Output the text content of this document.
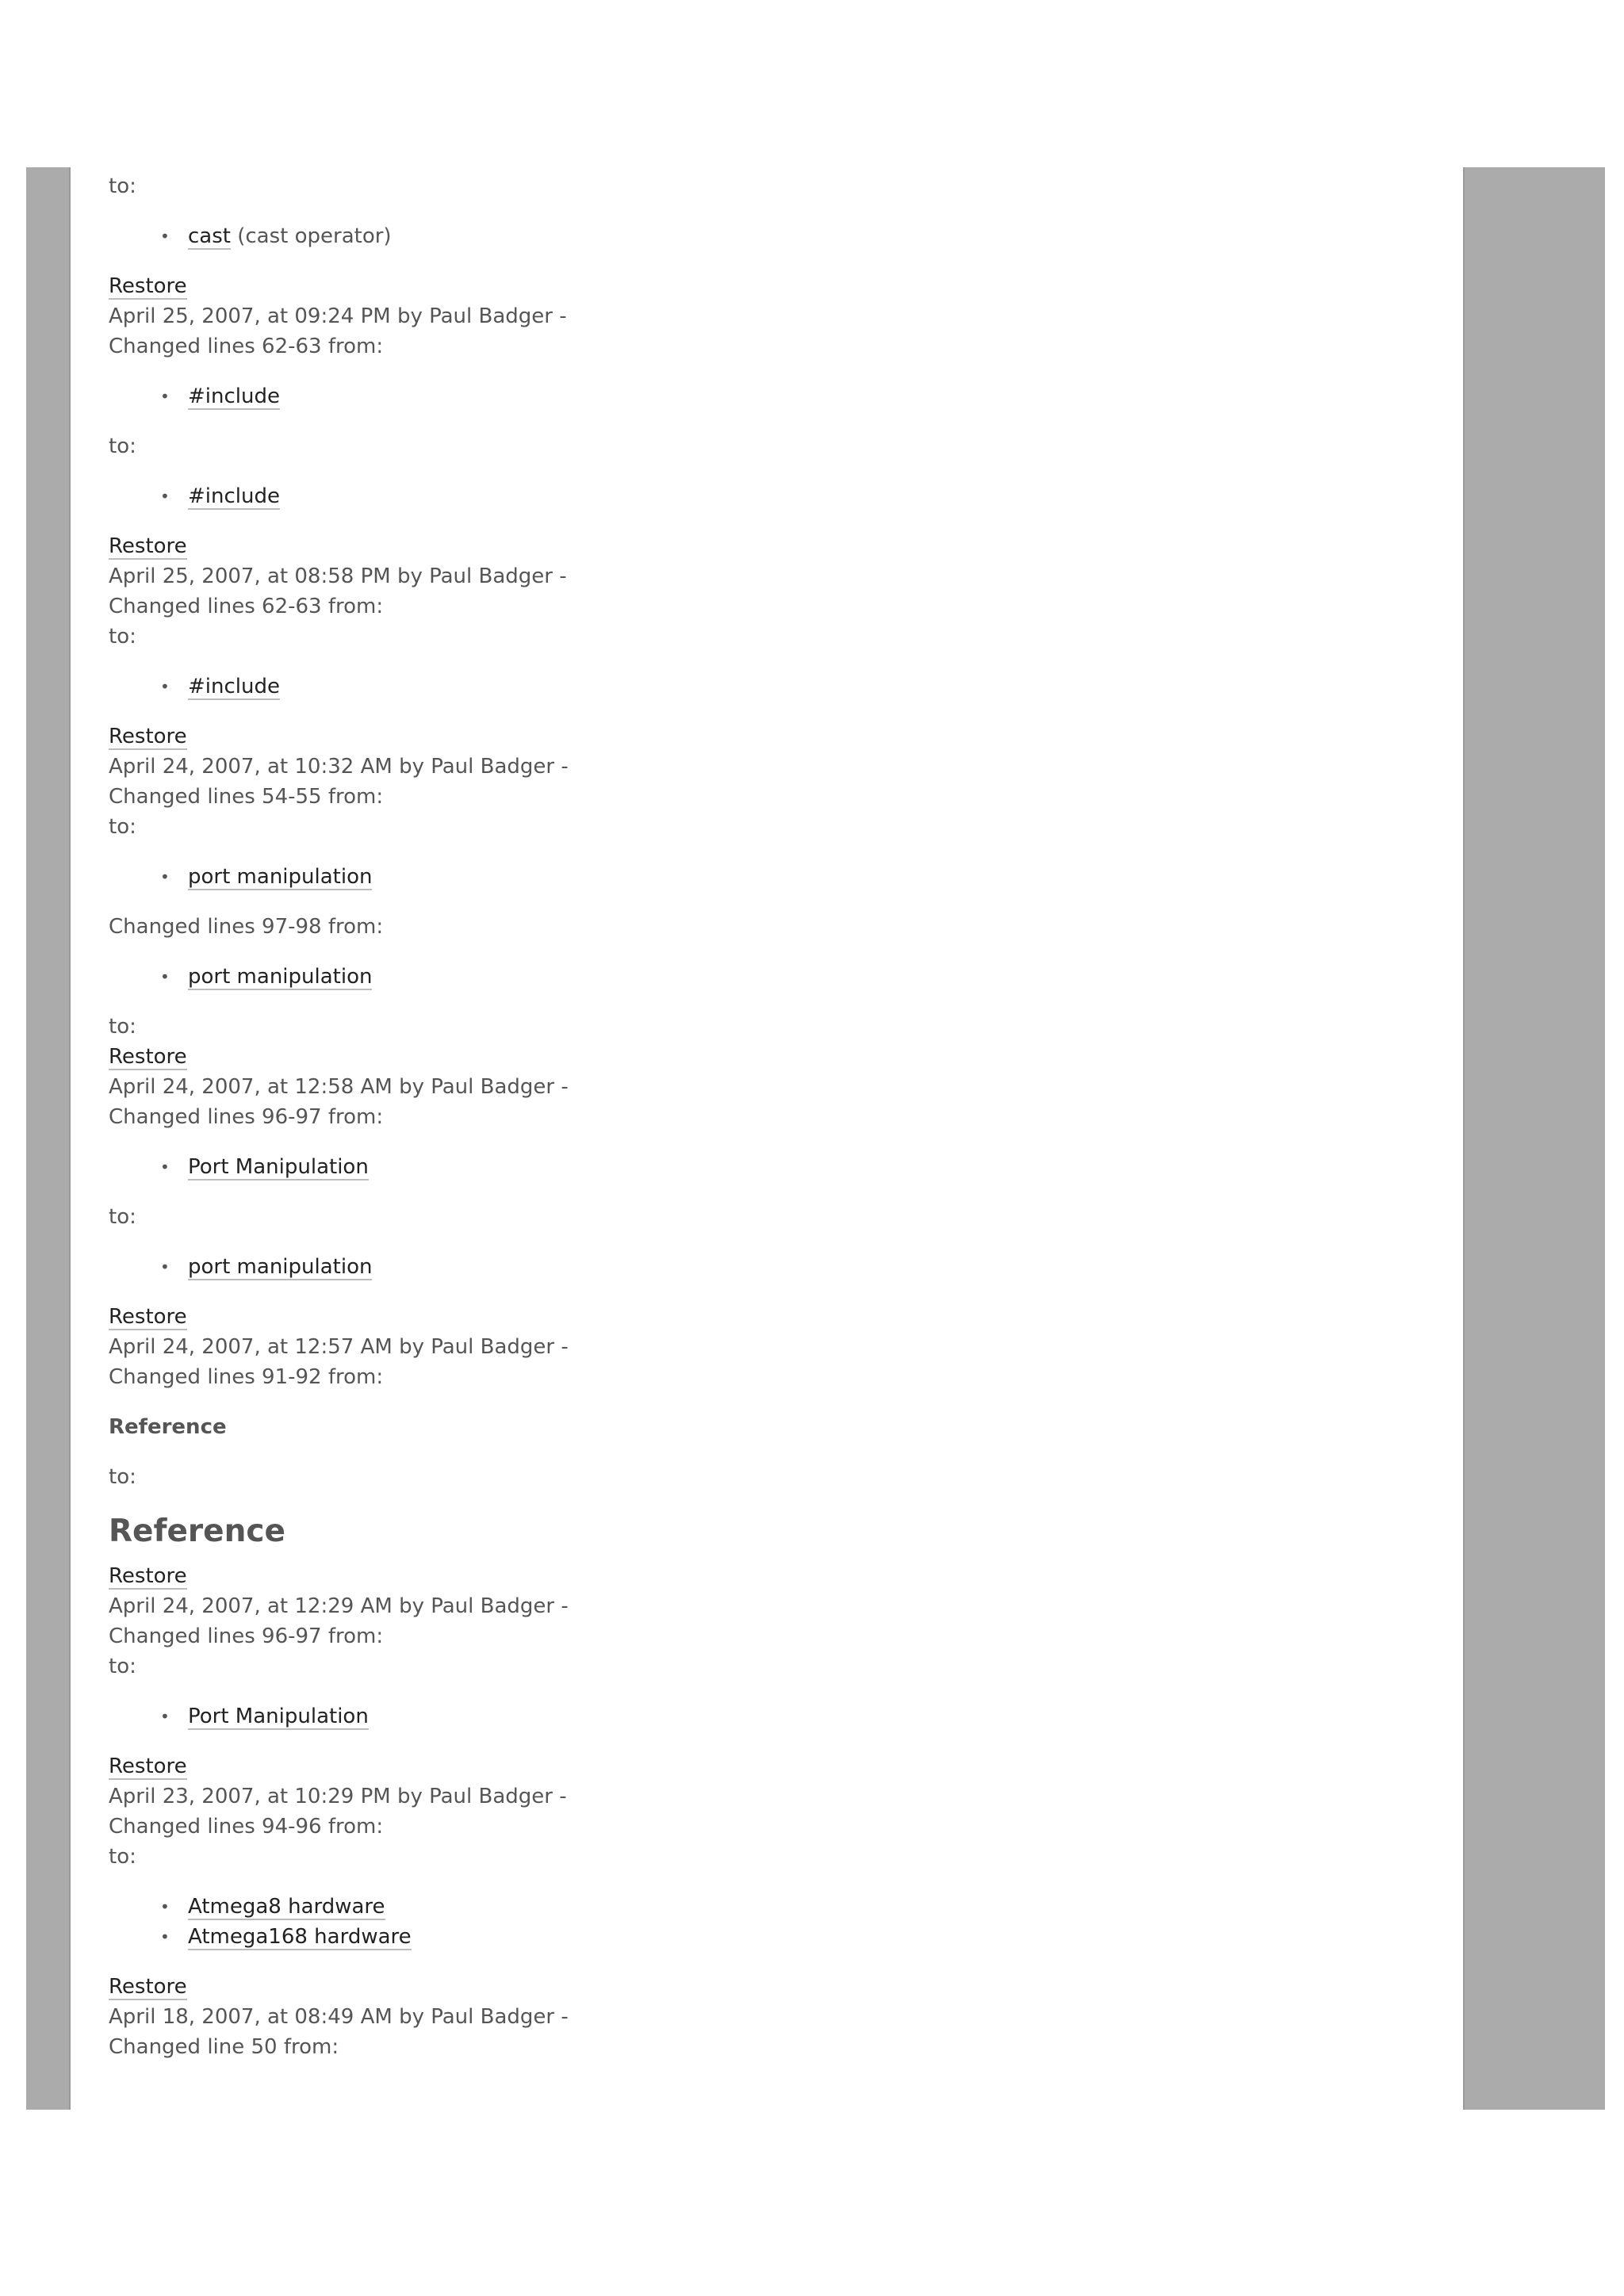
to:

• cast (cast operator)

Restore

April 25, 2007, at 09:24 PM by Paul Badger -

Changed lines 62-63 from:

• #include

to:

• #include

Restore

April 25, 2007, at 08:58 PM by Paul Badger -

Changed lines 62-63 from:

to:

• #include

Restore

April 24, 2007, at 10:32 AM by Paul Badger -

Changed lines 54-55 from:

to:

• port manipulation

Changed lines 97-98 from:

• port manipulation

to:

Restore

April 24, 2007, at 12:58 AM by Paul Badger -

Changed lines 96-97 from:

• Port Manipulation

to:

• port manipulation

Restore

April 24, 2007, at 12:57 AM by Paul Badger -

Changed lines 91-92 from:

Reference

to:

Reference

Restore

April 24, 2007, at 12:29 AM by Paul Badger -

Changed lines 96-97 from:

to:

• Port Manipulation

Restore

April 23, 2007, at 10:29 PM by Paul Badger -

Changed lines 94-96 from:

to:

• Atmega8 hardware
• Atmega168 hardware

Restore

April 18, 2007, at 08:49 AM by Paul Badger -

Changed line 50 from:
